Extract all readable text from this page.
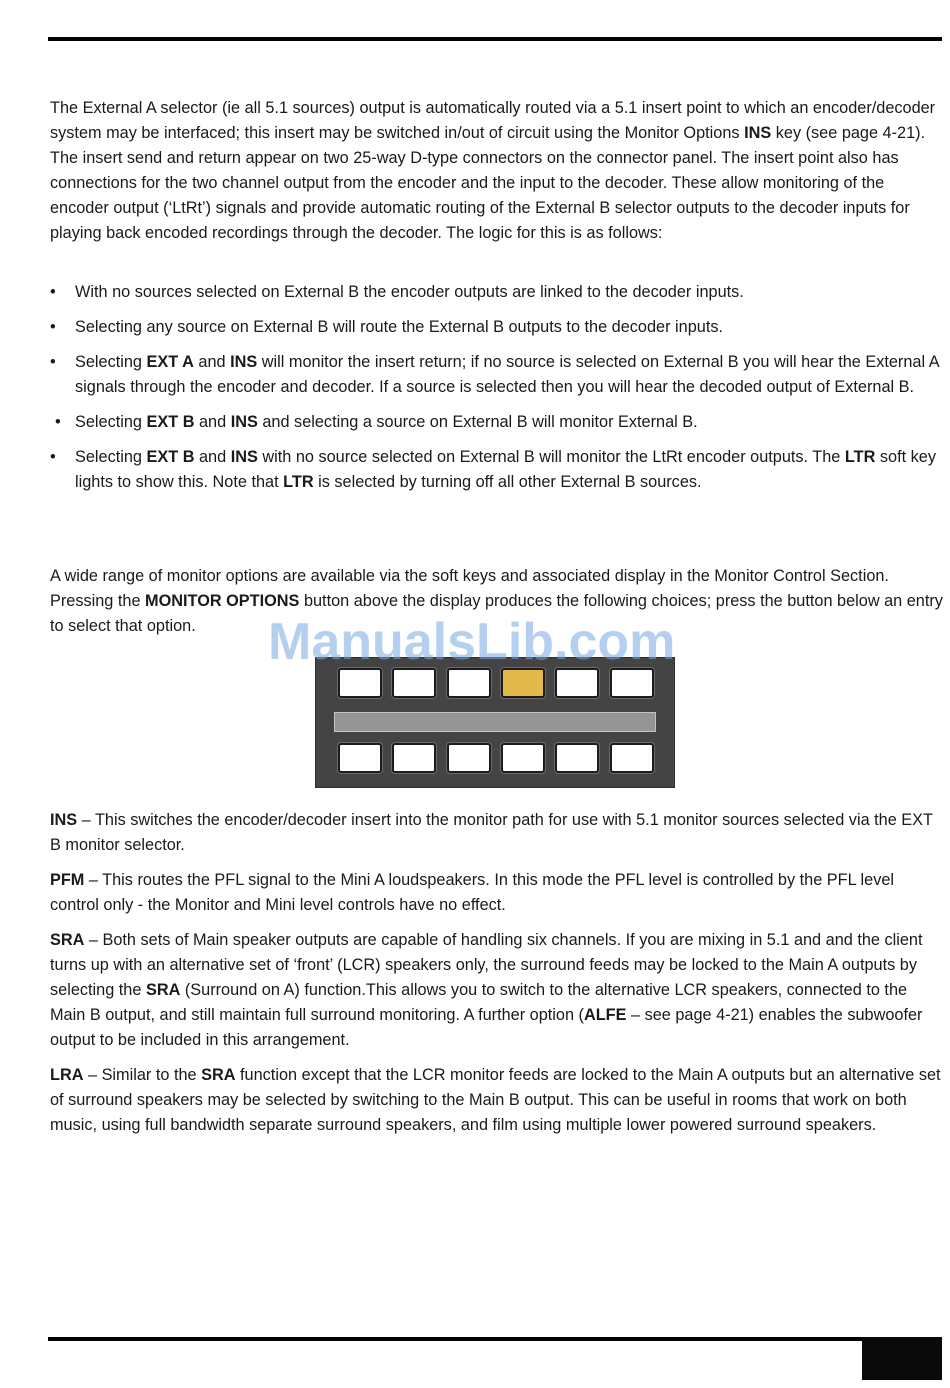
The External A selector (ie all 5.1 sources) output is automatically routed via a 5.1 insert point to which an encoder/decoder system may be interfaced; this insert may be switched in/out of circuit using the Monitor Options INS key (see page 4-21). The insert send and return appear on two 25-way D-type connectors on the connector panel. The insert point also has connections for the two channel output from the encoder and the input to the decoder. These allow monitoring of the encoder output (‘LtRt’) signals and provide automatic routing of the External B selector outputs to the decoder inputs for playing back encoded recordings through the decoder. The logic for this is as follows:

• With no sources selected on External B the encoder outputs are linked to the decoder inputs.
• Selecting any source on External B will route the External B outputs to the decoder inputs.
• Selecting EXT A and INS will monitor the insert return; if no source is selected on External B you will hear the External A signals through the encoder and decoder. If a source is selected then you will hear the decoded output of External B.
• Selecting EXT B and INS and selecting a source on External B will monitor External B.
• Selecting EXT B and INS with no source selected on External B will monitor the LtRt encoder outputs. The LTR soft key lights to show this. Note that LTR is selected by turning off all other External B sources.

A wide range of monitor options are available via the soft keys and associated display in the Monitor Control Section. Pressing the MONITOR OPTIONS button above the display produces the following choices; press the button below an entry to select that option.	ManualsLib.com

INS – This switches the encoder/decoder insert into the monitor path for use with 5.1 monitor sources selected via the EXT B monitor selector.

PFM – This routes the PFL signal to the Mini A loudspeakers. In this mode the PFL level is controlled by the PFL level control only - the Monitor and Mini level controls have no effect.

SRA – Both sets of Main speaker outputs are capable of handling six channels. If you are mixing in 5.1 and and the client turns up with an alternative set of ‘front’ (LCR) speakers only, the surround feeds may be locked to the Main A outputs by selecting the SRA (Surround on A) function.This allows you to switch to the alternative LCR speakers, connected to the Main B output, and still maintain full surround monitoring. A further option (ALFE – see page 4-21) enables the subwoofer output to be included in this arrangement.

LRA – Similar to the SRA function except that the LCR monitor feeds are locked to the Main A outputs but an alternative set of surround speakers may be selected by switching to the Main B output. This can be useful in rooms that work on both music, using full bandwidth separate surround speakers, and film using multiple lower powered surround speakers.
